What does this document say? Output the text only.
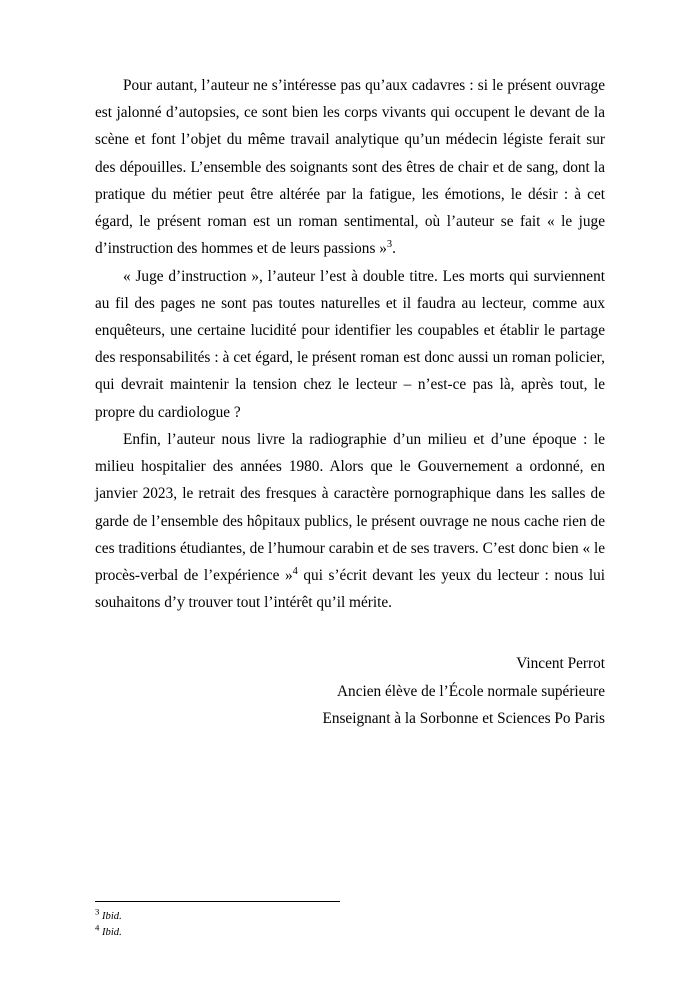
Pour autant, l’auteur ne s’intéresse pas qu’aux cadavres : si le présent ouvrage est jalonné d’autopsies, ce sont bien les corps vivants qui occupent le devant de la scène et font l’objet du même travail analytique qu’un médecin légiste ferait sur des dépouilles. L’ensemble des soignants sont des êtres de chair et de sang, dont la pratique du métier peut être altérée par la fatigue, les émotions, le désir : à cet égard, le présent roman est un roman sentimental, où l’auteur se fait « le juge d’instruction des hommes et de leurs passions »$^3$.

« Juge d’instruction », l’auteur l’est à double titre. Les morts qui surviennent au fil des pages ne sont pas toutes naturelles et il faudra au lecteur, comme aux enquêteurs, une certaine lucidité pour identifier les coupables et établir le partage des responsabilités : à cet égard, le présent roman est donc aussi un roman policier, qui devrait maintenir la tension chez le lecteur – n’est-ce pas là, après tout, le propre du cardiologue ?

Enfin, l’auteur nous livre la radiographie d’un milieu et d’une époque : le milieu hospitalier des années 1980. Alors que le Gouvernement a ordonné, en janvier 2023, le retrait des fresques à caractère pornographique dans les salles de garde de l’ensemble des hôpitaux publics, le présent ouvrage ne nous cache rien de ces traditions étudiantes, de l’humour carabin et de ses travers. C’est donc bien « le procès-verbal de l’expérience »$^4$ qui s’écrit devant les yeux du lecteur : nous lui souhaitons d’y trouver tout l’intérêt qu’il mérite.

Vincent Perrot
Ancien élève de l’École normale supérieure
Enseignant à la Sorbonne et Sciences Po Paris

$^3$ Ibid.

$^4$ Ibid.
